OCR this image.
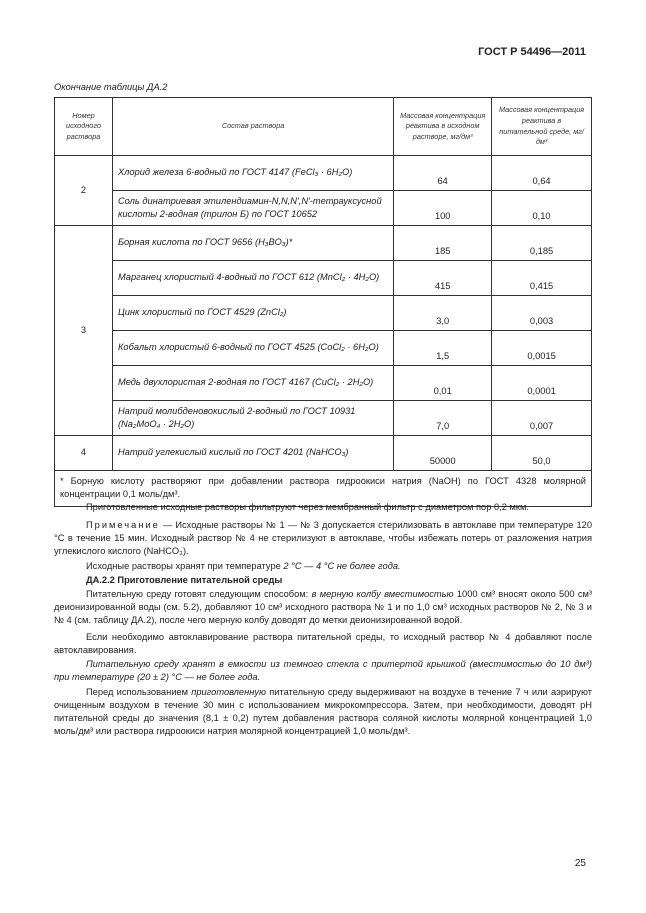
ГОСТ Р 54496—2011
Окончание таблицы ДА.2
Номер исходного раствора	Состав раствора	Массовая концентрация реактива в исходном растворе, мг/дм³	Массовая концентрация реактива в питательной среде, мг/дм³
2	Хлорид железа 6-водный по ГОСТ 4147 (FeCl₃ · 6H₂O)	64	0,64
	Соль динатриевая этилендиамин-N,N,N′,N′-тетрауксусной кислоты 2-водная (трилон Б) по ГОСТ 10652	100	0,10
3	Борная кислота по ГОСТ 9656 (H₃BO₃)*	185	0,185
	Марганец хлористый 4-водный по ГОСТ 612 (MnCl₂ · 4H₂O)	415	0,415
	Цинк хлористый по ГОСТ 4529 (ZnCl₂)	3,0	0,003
	Кобальт хлористый 6-водный по ГОСТ 4525 (CoCl₂ · 6H₂O)	1,5	0,0015
	Медь двухлористая 2-водная по ГОСТ 4167 (CuCl₂ · 2H₂O)	0,01	0,0001
	Натрий молибденовокислый 2-водный по ГОСТ 10931 (Na₂MoO₄ · 2H₂O)	7,0	0,007
4	Натрий углекислый кислый по ГОСТ 4201 (NaHCO₃)	50000	50,0
* Борную кислоту растворяют при добавлении раствора гидроокиси натрия (NaOH) по ГОСТ 4328 молярной концентрации 0,1 моль/дм³.			
Приготовленные исходные растворы фильтруют через мембранный фильтр с диаметром пор 0,2 мкм.
Примечание — Исходные растворы № 1 — № 3 допускается стерилизовать в автоклаве при температуре 120 °С в течение 15 мин. Исходный раствор № 4 не стерилизуют в автоклаве, чтобы избежать потерь от разложения натрия углекислого кислого (NaHCO₃).
Исходные растворы хранят при температуре 2 °С — 4 °С не более года.
ДА.2.2 Приготовление питательной среды
Питательную среду готовят следующим способом: в мерную колбу вместимостью 1000 см³ вносят около 500 см³ деионизированной воды (см. 5.2), добавляют 10 см³ исходного раствора № 1 и по 1,0 см³ исходных растворов № 2, № 3 и № 4 (см. таблицу ДА.2), после чего мерную колбу доводят до метки деионизированной водой.
Если необходимо автоклавирование раствора питательной среды, то исходный раствор № 4 добавляют после автоклавирования.
Питательную среду хранят в емкости из темного стекла с притертой крышкой (вместимостью до 10 дм³) при температуре (20 ± 2) °С — не более года.
Перед использованием приготовленную питательную среду выдерживают на воздухе в течение 7 ч или аэрируют очищенным воздухом в течение 30 мин с использованием микрокомпрессора. Затем, при необходимости, доводят рН питательной среды до значения (8,1 ± 0,2) путем добавления раствора соляной кислоты молярной концентрацией 1,0 моль/дм³ или раствора гидроокиси натрия молярной концентрацией 1,0 моль/дм³.
25
